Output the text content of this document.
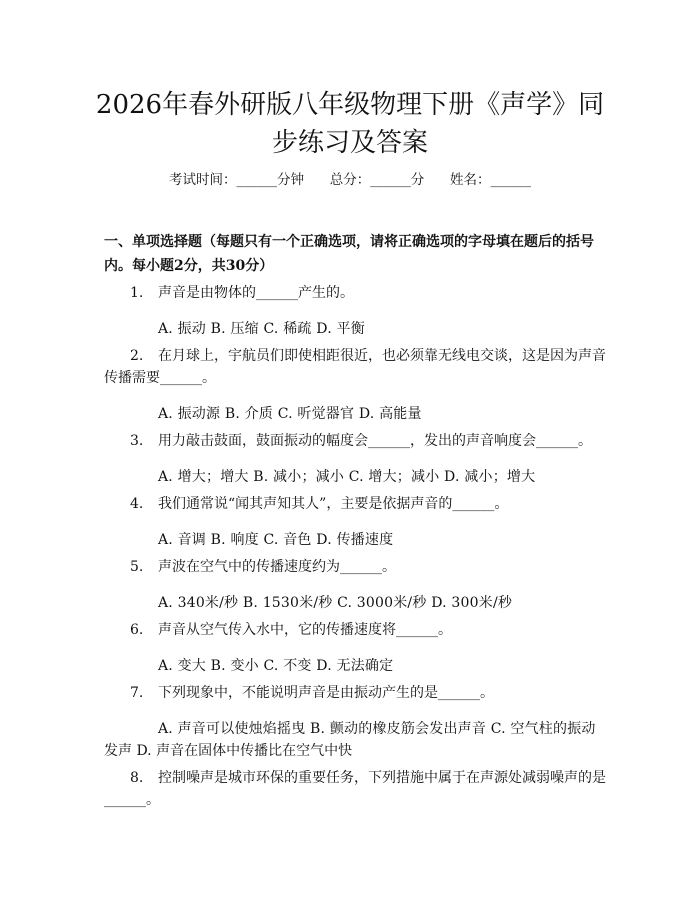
2026年春外研版八年级物理下册《声学》同
步练习及答案
考试时间：______分钟      总分：______分      姓名：______
一、单项选择题（每题只有一个正确选项，请将正确选项的字母填在题后的括号
内。每小题2分，共30分）
1. 声音是由物体的______产生的。
A. 振动 B. 压缩 C. 稀疏 D. 平衡
2. 在月球上，宇航员们即使相距很近，也必须靠无线电交谈，这是因为声音
传播需要______。
A. 振动源 B. 介质 C. 听觉器官 D. 高能量
3. 用力敲击鼓面，鼓面振动的幅度会______，发出的声音响度会______。
A. 增大；增大 B. 减小；减小 C. 增大；减小 D. 减小；增大
4. 我们通常说“闻其声知其人”，主要是依据声音的______。
A. 音调 B. 响度 C. 音色 D. 传播速度
5. 声波在空气中的传播速度约为______。
A. 340米/秒 B. 1530米/秒 C. 3000米/秒 D. 300米/秒
6. 声音从空气传入水中，它的传播速度将______。
A. 变大 B. 变小 C. 不变 D. 无法确定
7. 下列现象中，不能说明声音是由振动产生的是______。
A. 声音可以使烛焰摇曳 B. 颤动的橡皮筋会发出声音 C. 空气柱的振动
发声 D. 声音在固体中传播比在空气中快
8. 控制噪声是城市环保的重要任务，下列措施中属于在声源处减弱噪声的是
______。
